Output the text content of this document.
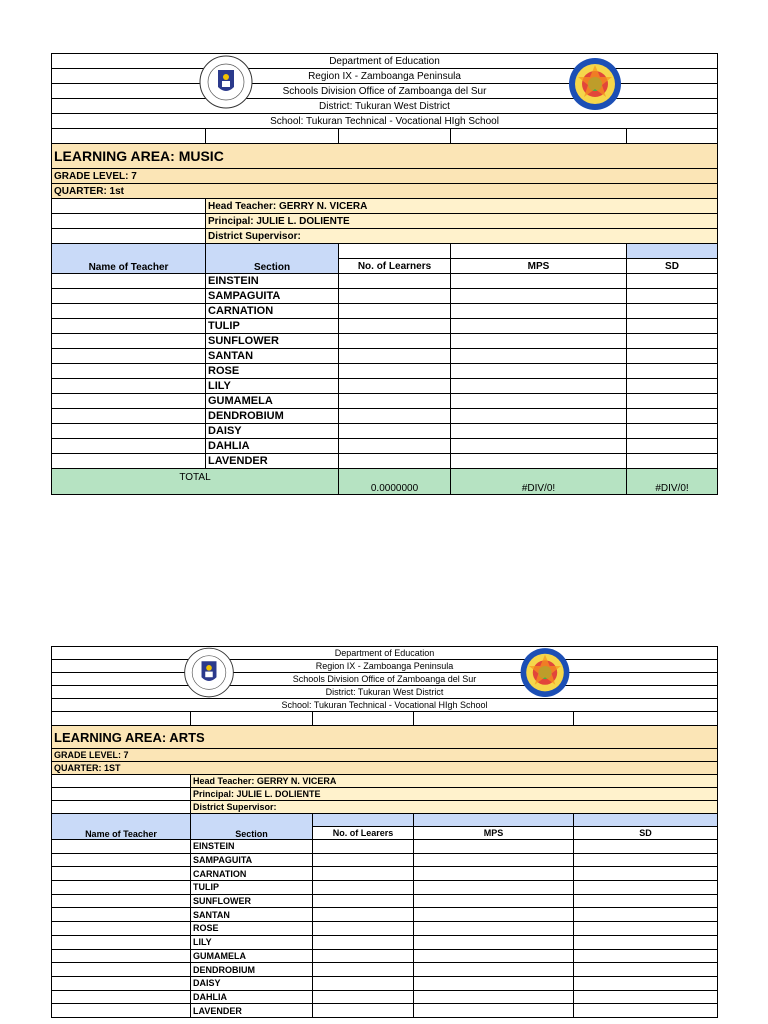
Department of Education				
Region IX - Zamboanga Peninsula				
Schools Division Office of Zamboanga del Sur				
District: Tukuran West District				
School: Tukuran Technical - Vocational HIgh School				

LEARNING AREA: MUSIC				
GRADE LEVEL: 7				
QUARTER: 1st				
	Head Teacher: GERRY N. VICERA			
	Principal: JULIE L. DOLIENTE			
	District Supervisor:			
Name of Teacher	Section			
		No. of Learners	MPS	SD
	EINSTEIN			
	SAMPAGUITA			
	CARNATION			
	TULIP			
	SUNFLOWER			
	SANTAN			
	ROSE			
	LILY			
	GUMAMELA			
	DENDROBIUM			
	DAISY			
	DAHLIA			
	LAVENDER			
TOTAL		0.0000000	#DIV/0!	#DIV/0!
Department of Education				
Region IX - Zamboanga Peninsula				
Schools Division Office of Zamboanga del Sur				
District: Tukuran West District				
School: Tukuran Technical - Vocational HIgh School				

LEARNING AREA: ARTS				
GRADE LEVEL: 7				
QUARTER: 1ST				
	Head Teacher: GERRY N. VICERA			
	Principal: JULIE L. DOLIENTE			
	District Supervisor:			
Name of Teacher	Section			
		No. of Learers	MPS	SD
	EINSTEIN			
	SAMPAGUITA			
	CARNATION			
	TULIP			
	SUNFLOWER			
	SANTAN			
	ROSE			
	LILY			
	GUMAMELA			
	DENDROBIUM			
	DAISY			
	DAHLIA			
	LAVENDER			
